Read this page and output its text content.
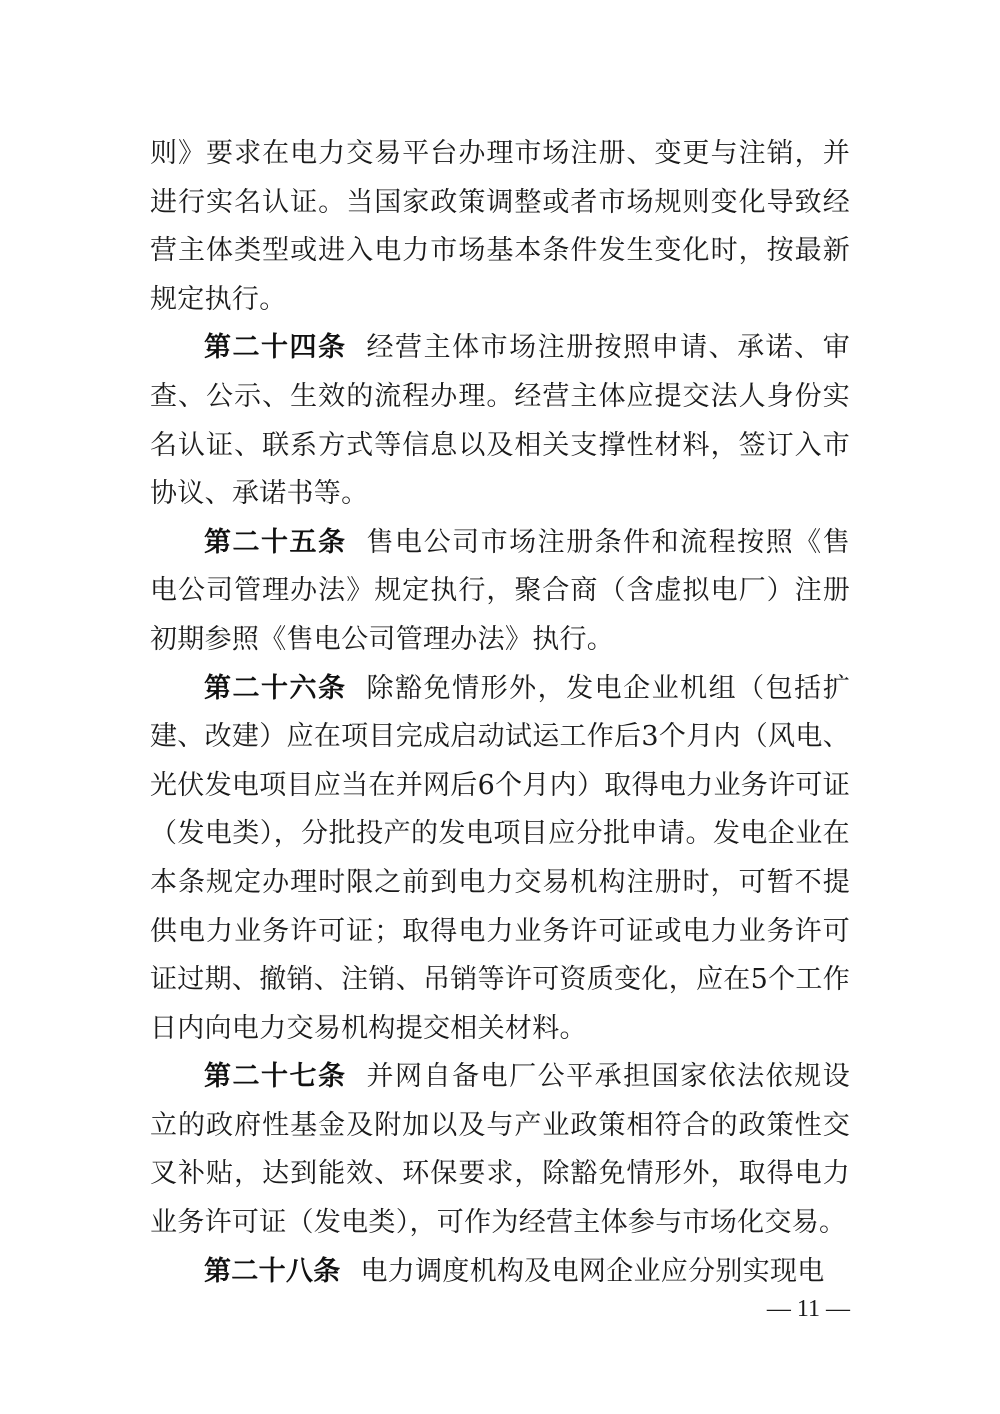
则》要求在电力交易平台办理市场注册、变更与注销，并进行实名认证。当国家政策调整或者市场规则变化导致经营主体类型或进入电力市场基本条件发生变化时，按最新规定执行。

第二十四条 经营主体市场注册按照申请、承诺、审查、公示、生效的流程办理。经营主体应提交法人身份实名认证、联系方式等信息以及相关支撑性材料，签订入市协议、承诺书等。

第二十五条 售电公司市场注册条件和流程按照《售电公司管理办法》规定执行，聚合商（含虚拟电厂）注册初期参照《售电公司管理办法》执行。

第二十六条 除豁免情形外，发电企业机组（包括扩建、改建）应在项目完成启动试运工作后3个月内（风电、光伏发电项目应当在并网后6个月内）取得电力业务许可证（发电类），分批投产的发电项目应分批申请。发电企业在本条规定办理时限之前到电力交易机构注册时，可暂不提供电力业务许可证；取得电力业务许可证或电力业务许可证过期、撤销、注销、吊销等许可资质变化，应在5个工作日内向电力交易机构提交相关材料。

第二十七条 并网自备电厂公平承担国家依法依规设立的政府性基金及附加以及与产业政策相符合的政策性交叉补贴，达到能效、环保要求，除豁免情形外，取得电力业务许可证（发电类），可作为经营主体参与市场化交易。

第二十八条 电力调度机构及电网企业应分别实现电

— 11 —
